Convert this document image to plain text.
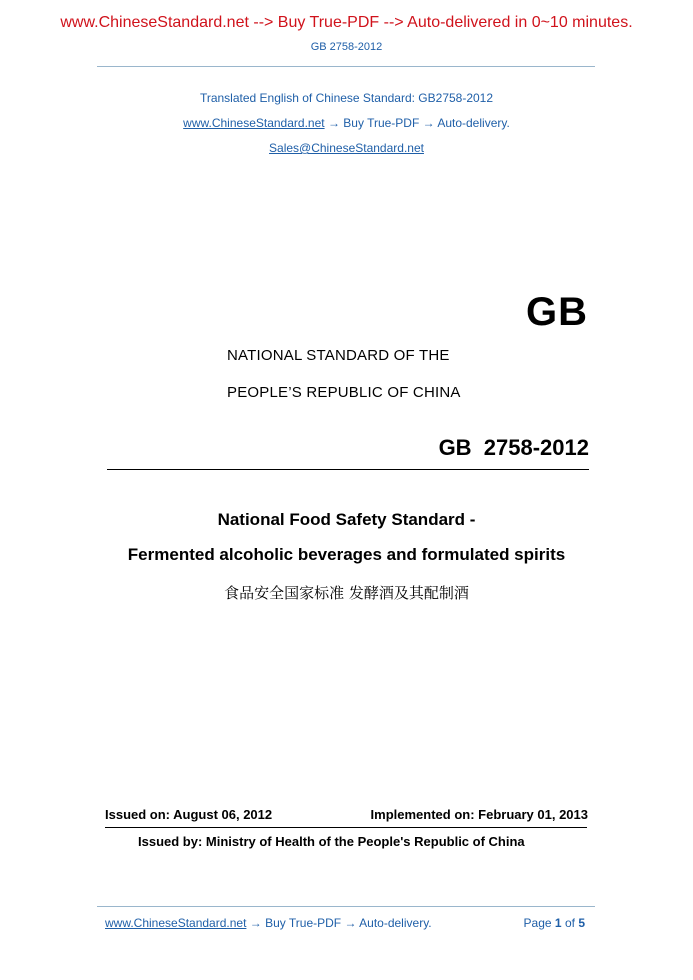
www.ChineseStandard.net --> Buy True-PDF --> Auto-delivered in 0~10 minutes.
GB 2758-2012
Translated English of Chinese Standard: GB2758-2012
www.ChineseStandard.net → Buy True-PDF → Auto-delivery.
Sales@ChineseStandard.net
GB
NATIONAL STANDARD OF THE
PEOPLE’S REPUBLIC OF CHINA
GB  2758-2012
National Food Safety Standard -
Fermented alcoholic beverages and formulated spirits
食品安全国家标准 发酵酒及其配制酒
Issued on: August 06, 2012	Implemented on: February 01, 2013
Issued by: Ministry of Health of the People's Republic of China
www.ChineseStandard.net → Buy True-PDF → Auto-delivery.	Page 1 of 5
